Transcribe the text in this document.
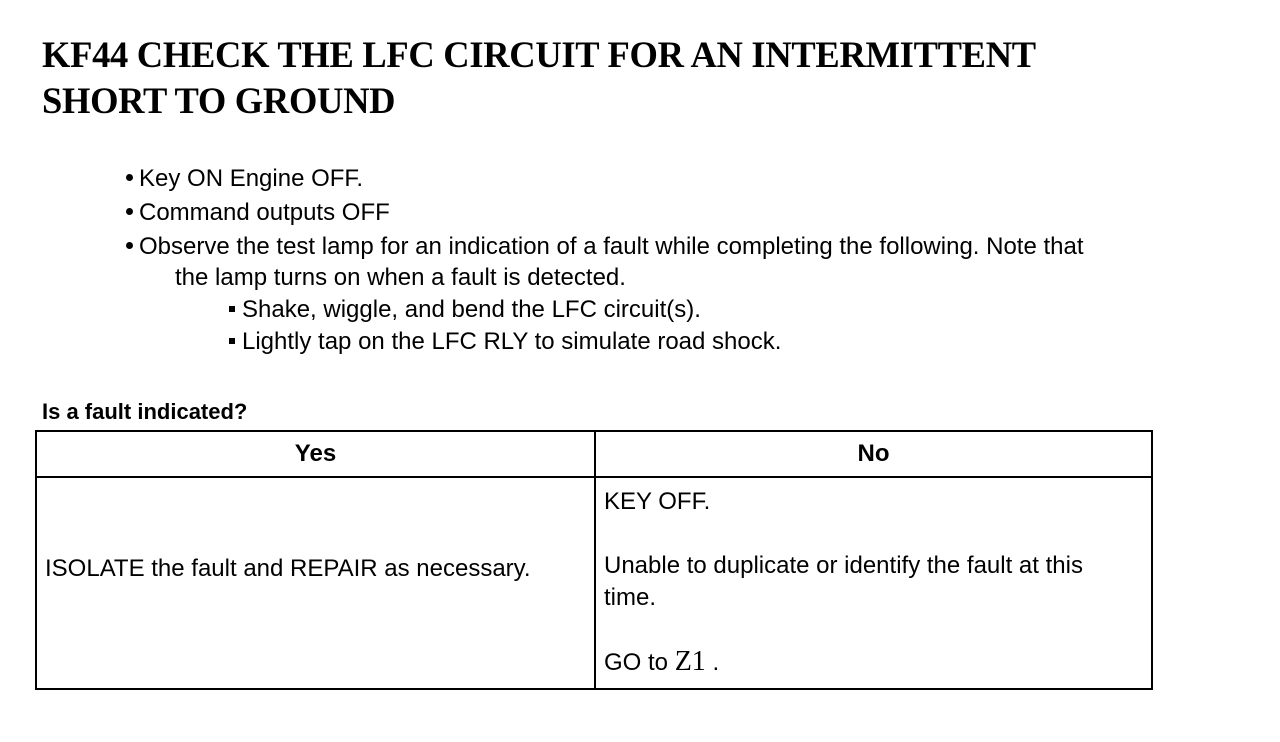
KF44 CHECK THE LFC CIRCUIT FOR AN INTERMITTENT
SHORT TO GROUND
Key ON Engine OFF.
Command outputs OFF
Observe the test lamp for an indication of a fault while completing the following. Note that
the lamp turns on when a fault is detected.
Shake, wiggle, and bend the LFC circuit(s).
Lightly tap on the LFC RLY to simulate road shock.

Is a fault indicated?

Yes	No

ISOLATE the fault and REPAIR as necessary.	KEY OFF.

Unable to duplicate or identify the fault at this time.

GO to Z1 .
